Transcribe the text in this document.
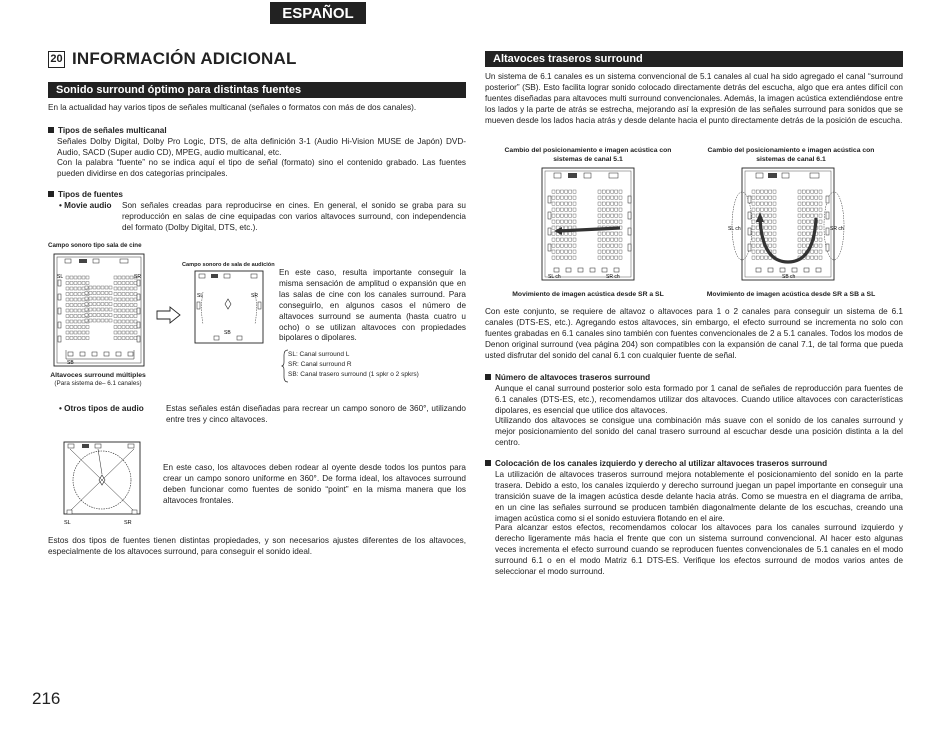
ESPAÑOL
20 INFORMACIÓN ADICIONAL
Sonido surround óptimo para distintas fuentes
En la actualidad hay varios tipos de señales multicanal (señales o formatos con más de dos canales).
Tipos de señales multicanal
Señales Dolby Digital, Dolby Pro Logic, DTS, de alta definición 3-1 (Audio Hi-Vision MUSE de Japón) DVD-Audio, SACD (Super audio CD), MPEG, audio multicanal, etc.
Con la palabra “fuente” no se indica aquí el tipo de señal (formato) sino el contenido grabado. Las fuentes pueden dividirse en dos categorías principales.
Tipos de fuentes
• Movie audio	Son señales creadas para reproducirse en cines. En general, el sonido se graba para su reproducción en salas de cine equipadas con varios altavoces surround, con independencia del formato (Dolby Digital, DTS, etc.).
Campo sonoro tipo sala de cine
SL	SR
SB
Altavoces surround múltiples
(Para sistema de– 6.1 canales)
Campo sonoro de sala de audición
SL	SR
SB
En este caso, resulta importante conseguir la misma sensación de amplitud o expansión que en las salas de cine con los canales surround. Para conseguirlo, en algunos casos el número de altavoces surround se aumenta (hasta cuatro u ocho) o se utilizan altavoces con propiedades bipolares o dipolares.
SL: Canal surround L
SR: Canal surround R
SB: Canal trasero surround (1 spkr o 2 spkrs)
• Otros tipos de audio	Estas señales están diseñadas para recrear un campo sonoro de 360°, utilizando entre tres y cinco altavoces.
SL	SR
En este caso, los altavoces deben rodear al oyente desde todos los puntos para crear un campo sonoro uniforme en 360°. De forma ideal, los altavoces surround deben funcionar como fuentes de sonido “point” en la misma manera que los altavoces frontales.
Estos dos tipos de fuentes tienen distintas propiedades, y son necesarios ajustes diferentes de los altavoces, especialmente de los altavoces surround, para conseguir el sonido ideal.
Altavoces traseros surround
Un sistema de 6.1 canales es un sistema convencional de 5.1 canales al cual ha sido agregado el canal “surround posterior” (SB). Esto facilita lograr sonido colocado directamente detrás del escucha, algo que era antes difícil con fuentes diseñadas para altavoces multi surround convencionales. Además, la imagen acústica extendiéndose entre los lados y la parte de atrás se estrecha, mejorando así la expresión de las señales surround para sonidos que se mueven desde los lados hacia atrás y desde delante hacia el punto directamente detrás de la posición de escucha.
Cambio del posicionamiento e imagen acústica con sistemas de canal 5.1
Cambio del posicionamiento e imagen acústica con sistemas de canal 6.1
SL ch	SR ch
SL ch	SR ch
SB ch
Movimiento de imagen acústica desde SR a SL	Movimiento de imagen acústica desde SR a SB a SL
Con este conjunto, se requiere de altavoz o altavoces para 1 o 2 canales para conseguir un sistema de 6.1 canales (DTS-ES, etc.). Agregando estos altavoces, sin embargo, el efecto surround se incrementa no solo con fuentes grabadas en 6.1 canales sino también con fuentes convencionales de 2 a 5.1 canales. Todos los modos de Denon original surround (vea página 204) son compatibles con la expansión de canal 7.1, de tal forma que pueda usted disfrutar del sonido del canal 6.1 con cualquier fuente de señal.
Número de altavoces traseros surround
Aunque el canal surround posterior solo esta formado por 1 canal de señales de reproducción para fuentes de 6.1 canales (DTS-ES, etc.), recomendamos utilizar dos altavoces. Cuando utilice altavoces con características dipolares, es esencial que utilice dos altavoces.
Utilizando dos altavoces se consigue una combinación más suave con el sonido de los canales surround y mejor posicionamiento del sonido del canal trasero surround al escuchar desde una posición distinta a la del centro.
Colocación de los canales izquierdo y derecho al utilizar altavoces traseros surround
La utilización de altavoces traseros surround mejora notablemente el posicionamiento del sonido en la parte trasera. Debido a esto, los canales izquierdo y derecho surround juegan un papel importante en conseguir una transición suave de la imagen acústica desde delante hacia atrás. Como se muestra en el diagrama de arriba, en un cine las señales surround se producen también diagonalmente delante de los escuchas, creando una imagen acústica como si el sonido estuviera flotando en el aire.
Para alcanzar estos efectos, recomendamos colocar los altavoces para los canales surround izquierdo y derecho ligeramente más hacia el frente que con un sistema surround convencional. Al hacer esto algunas veces incrementa el efecto surround cuando se reproducen fuentes convencionales de 5.1 canales en el modo surround 6.1 o en el modo Matriz 6.1 DTS-ES. Verifique los efectos surround de modos varios antes de seleccionar el modo surround.
216
